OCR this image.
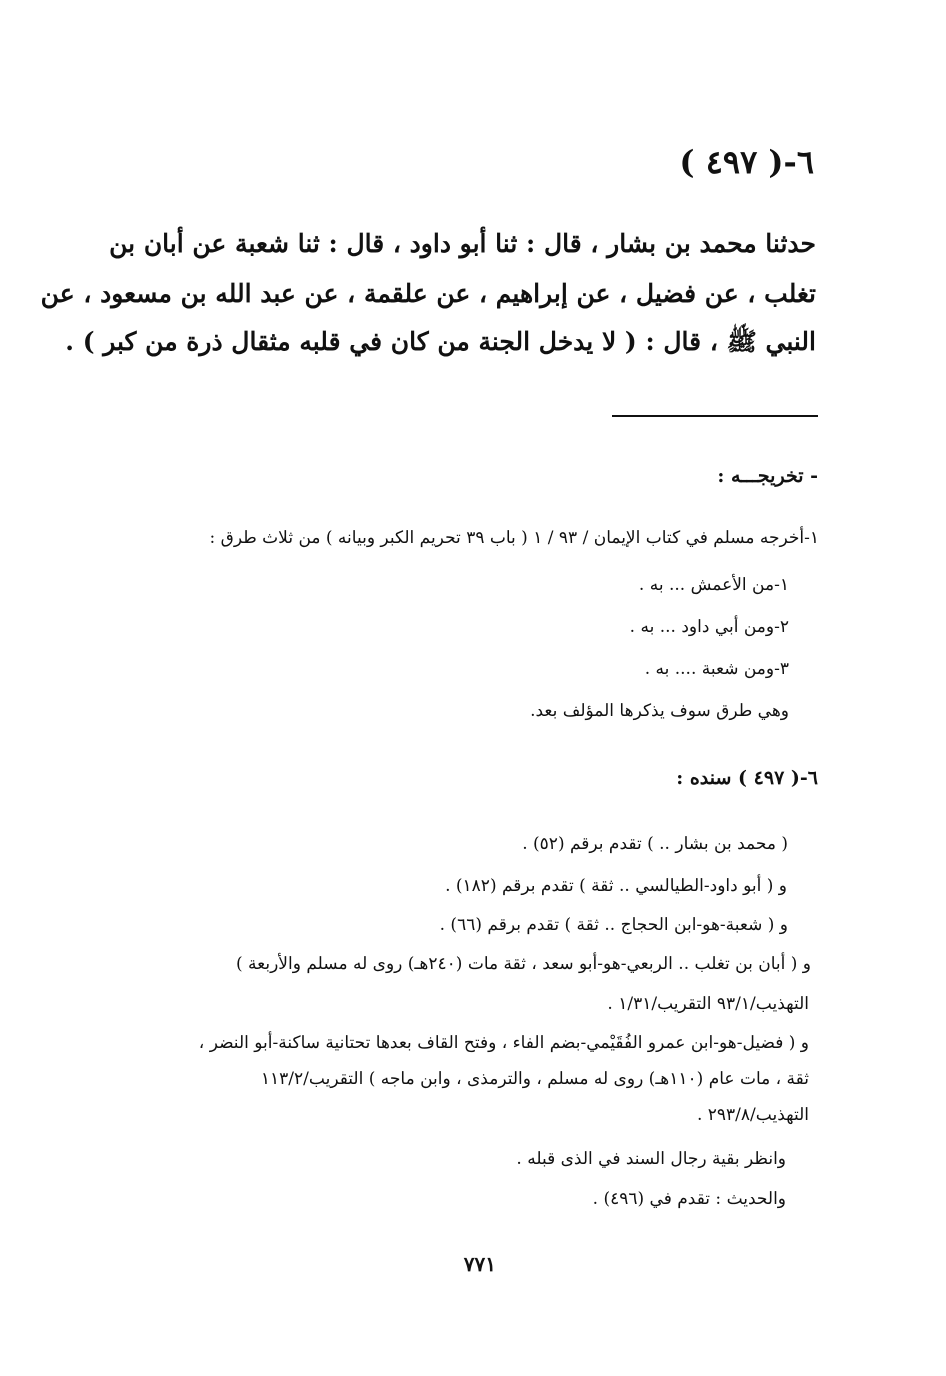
٦-( ٤٩٧ )
حدثنا محمد بن بشار ، قال : ثنا أبو داود ، قال : ثنا شعبة عن أبان بن
تغلب ، عن فضيل ، عن إبراهيم ، عن علقمة ، عن عبد الله بن مسعود ، عن
النبي ﷺ ، قال : ( لا يدخل الجنة من كان في قلبه مثقال ذرة من كبر ) .
- تخريجـــه :
١-أخرجه مسلم في كتاب الإيمان / ٩٣ / ١ ( باب ٣٩ تحريم الكبر وبيانه ) من ثلاث طرق :
١-من الأعمش ... به .
٢-ومن أبي داود ... به .
٣-ومن شعبة .... به .
وهي طرق سوف يذكرها المؤلف بعد.
٦-( ٤٩٧ ) سنده :
( محمد بن بشار .. ) تقدم برقم (٥٢) .
و ( أبو داود-الطيالسي .. ثقة ) تقدم برقم (١٨٢) .
و ( شعبة-هو-ابن الحجاج .. ثقة ) تقدم برقم (٦٦) .
و ( أبان بن تغلب .. الربعي-هو-أبو سعد ، ثقة مات (٢٤٠هـ) روى له مسلم والأربعة )
التهذيب/٩٣/١ التقريب/١/٣١ .
و ( فضيل-هو-ابن عمرو الفُقَيْمي-بضم الفاء ، وفتح القاف بعدها تحتانية ساكنة-أبو النضر ،
ثقة ، مات عام (١١٠هـ) روى له مسلم ، والترمذى ، وابن ماجه ) التقريب/١١٣/٢
التهذيب/٢٩٣/٨ .
وانظر بقية رجال السند في الذى قبله .
والحديث : تقدم في (٤٩٦) .
٧٧١
